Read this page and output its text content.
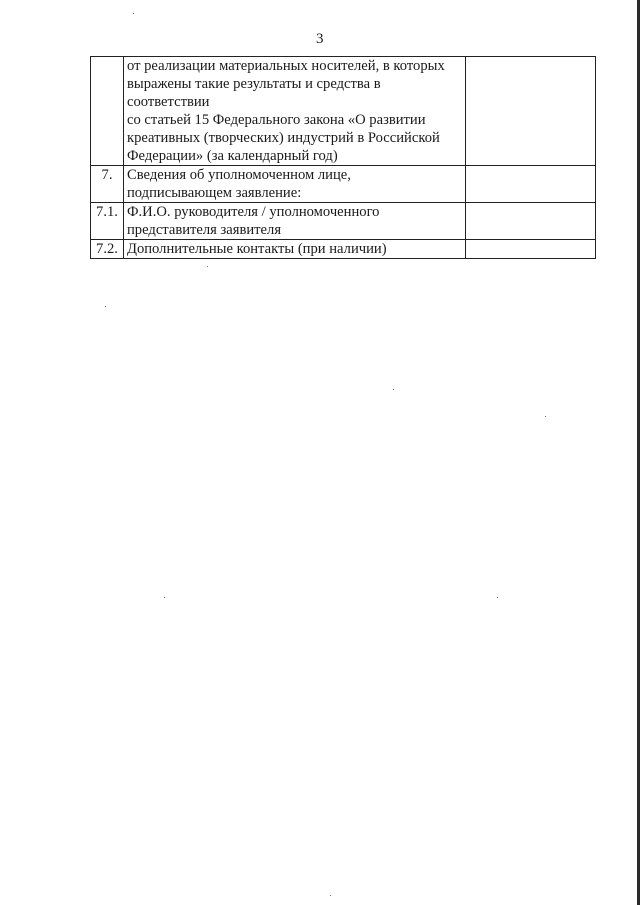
3
	от реализации материальных носителей, в которых
выражены такие результаты и средства в соответствии
со статьей 15 Федерального закона «О развитии
креативных (творческих) индустрий в Российской
Федерации» (за календарный год)	
7.	Сведения об уполномоченном лице,
подписывающем заявление:	
7.1.	Ф.И.О. руководителя / уполномоченного
представителя заявителя	
7.2.	Дополнительные контакты (при наличии)	
